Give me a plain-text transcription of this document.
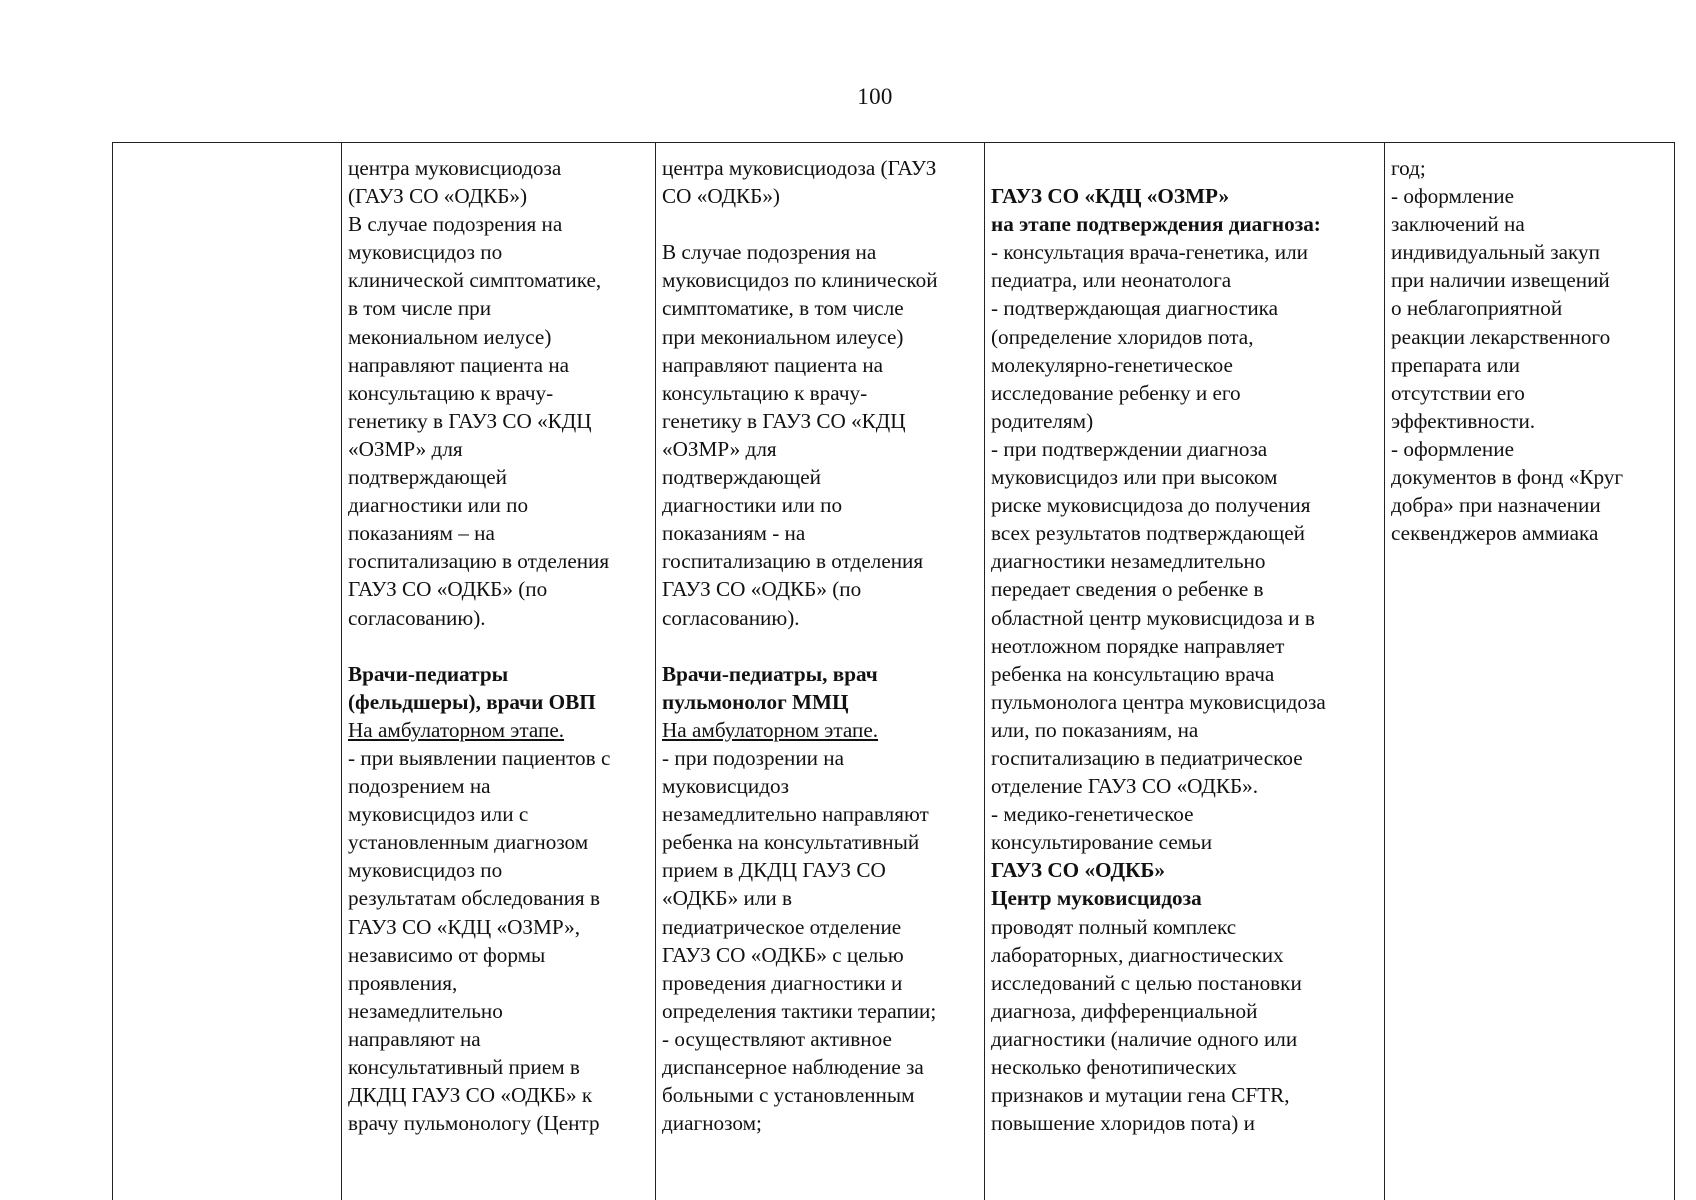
100
центра муковисциодоза
(ГАУЗ СО «ОДКБ»)
В случае подозрения на
муковисцидоз по
клинической симптоматике,
в том числе при
мекониальном иелусе)
направляют пациента на
консультацию к врачу-
генетику в ГАУЗ СО «КДЦ
«ОЗМР» для
подтверждающей
диагностики или по
показаниям – на
госпитализацию в отделения
ГАУЗ СО «ОДКБ» (по
согласованию).
Врачи-педиатры
(фельдшеры), врачи ОВП
На амбулаторном этапе.
- при выявлении пациентов с
подозрением на
муковисцидоз или с
установленным диагнозом
муковисцидоз по
результатам обследования в
ГАУЗ СО «КДЦ «ОЗМР»,
независимо от формы
проявления,
незамедлительно
направляют на
консультативный прием в
ДКДЦ ГАУЗ СО «ОДКБ» к
врачу пульмонологу (Центр
центра муковисциодоза (ГАУЗ
СО «ОДКБ»)
В случае подозрения на
муковисцидоз по клинической
симптоматике, в том числе
при мекониальном илеусе)
направляют пациента на
консультацию к врачу-
генетику в ГАУЗ СО «КДЦ
«ОЗМР» для
подтверждающей
диагностики или по
показаниям - на
госпитализацию в отделения
ГАУЗ СО «ОДКБ» (по
согласованию).
Врачи-педиатры, врач
пульмонолог ММЦ
На амбулаторном этапе.
- при подозрении на
муковисцидоз
незамедлительно направляют
ребенка на консультативный
прием в ДКДЦ ГАУЗ СО
«ОДКБ» или в
педиатрическое отделение
ГАУЗ СО «ОДКБ» с целью
проведения диагностики и
определения тактики терапии;
- осуществляют активное
диспансерное наблюдение за
больными с установленным
диагнозом;
ГАУЗ СО «КДЦ «ОЗМР»
на этапе подтверждения диагноза:
- консультация врача-генетика, или
педиатра, или неонатолога
- подтверждающая диагностика
(определение хлоридов пота,
молекулярно-генетическое
исследование ребенку и его
родителям)
- при подтверждении диагноза
муковисцидоз или при высоком
риске муковисцидоза до получения
всех результатов подтверждающей
диагностики незамедлительно
передает сведения о ребенке в
областной центр муковисцидоза и в
неотложном порядке направляет
ребенка на консультацию врача
пульмонолога центра муковисцидоза
или, по показаниям, на
госпитализацию в педиатрическое
отделение ГАУЗ СО «ОДКБ».
- медико-генетическое
консультирование семьи
ГАУЗ СО «ОДКБ»
Центр муковисцидоза
проводят полный комплекс
лабораторных, диагностических
исследований с целью постановки
диагноза, дифференциальной
диагностики (наличие одного или
несколько фенотипических
признаков и мутации гена CFTR,
повышение хлоридов пота) и
год;
- оформление
заключений на
индивидуальный закуп
при наличии извещений
о неблагоприятной
реакции лекарственного
препарата или
отсутствии его
эффективности.
- оформление
документов в фонд «Круг
добра» при назначении
секвенджеров аммиака
